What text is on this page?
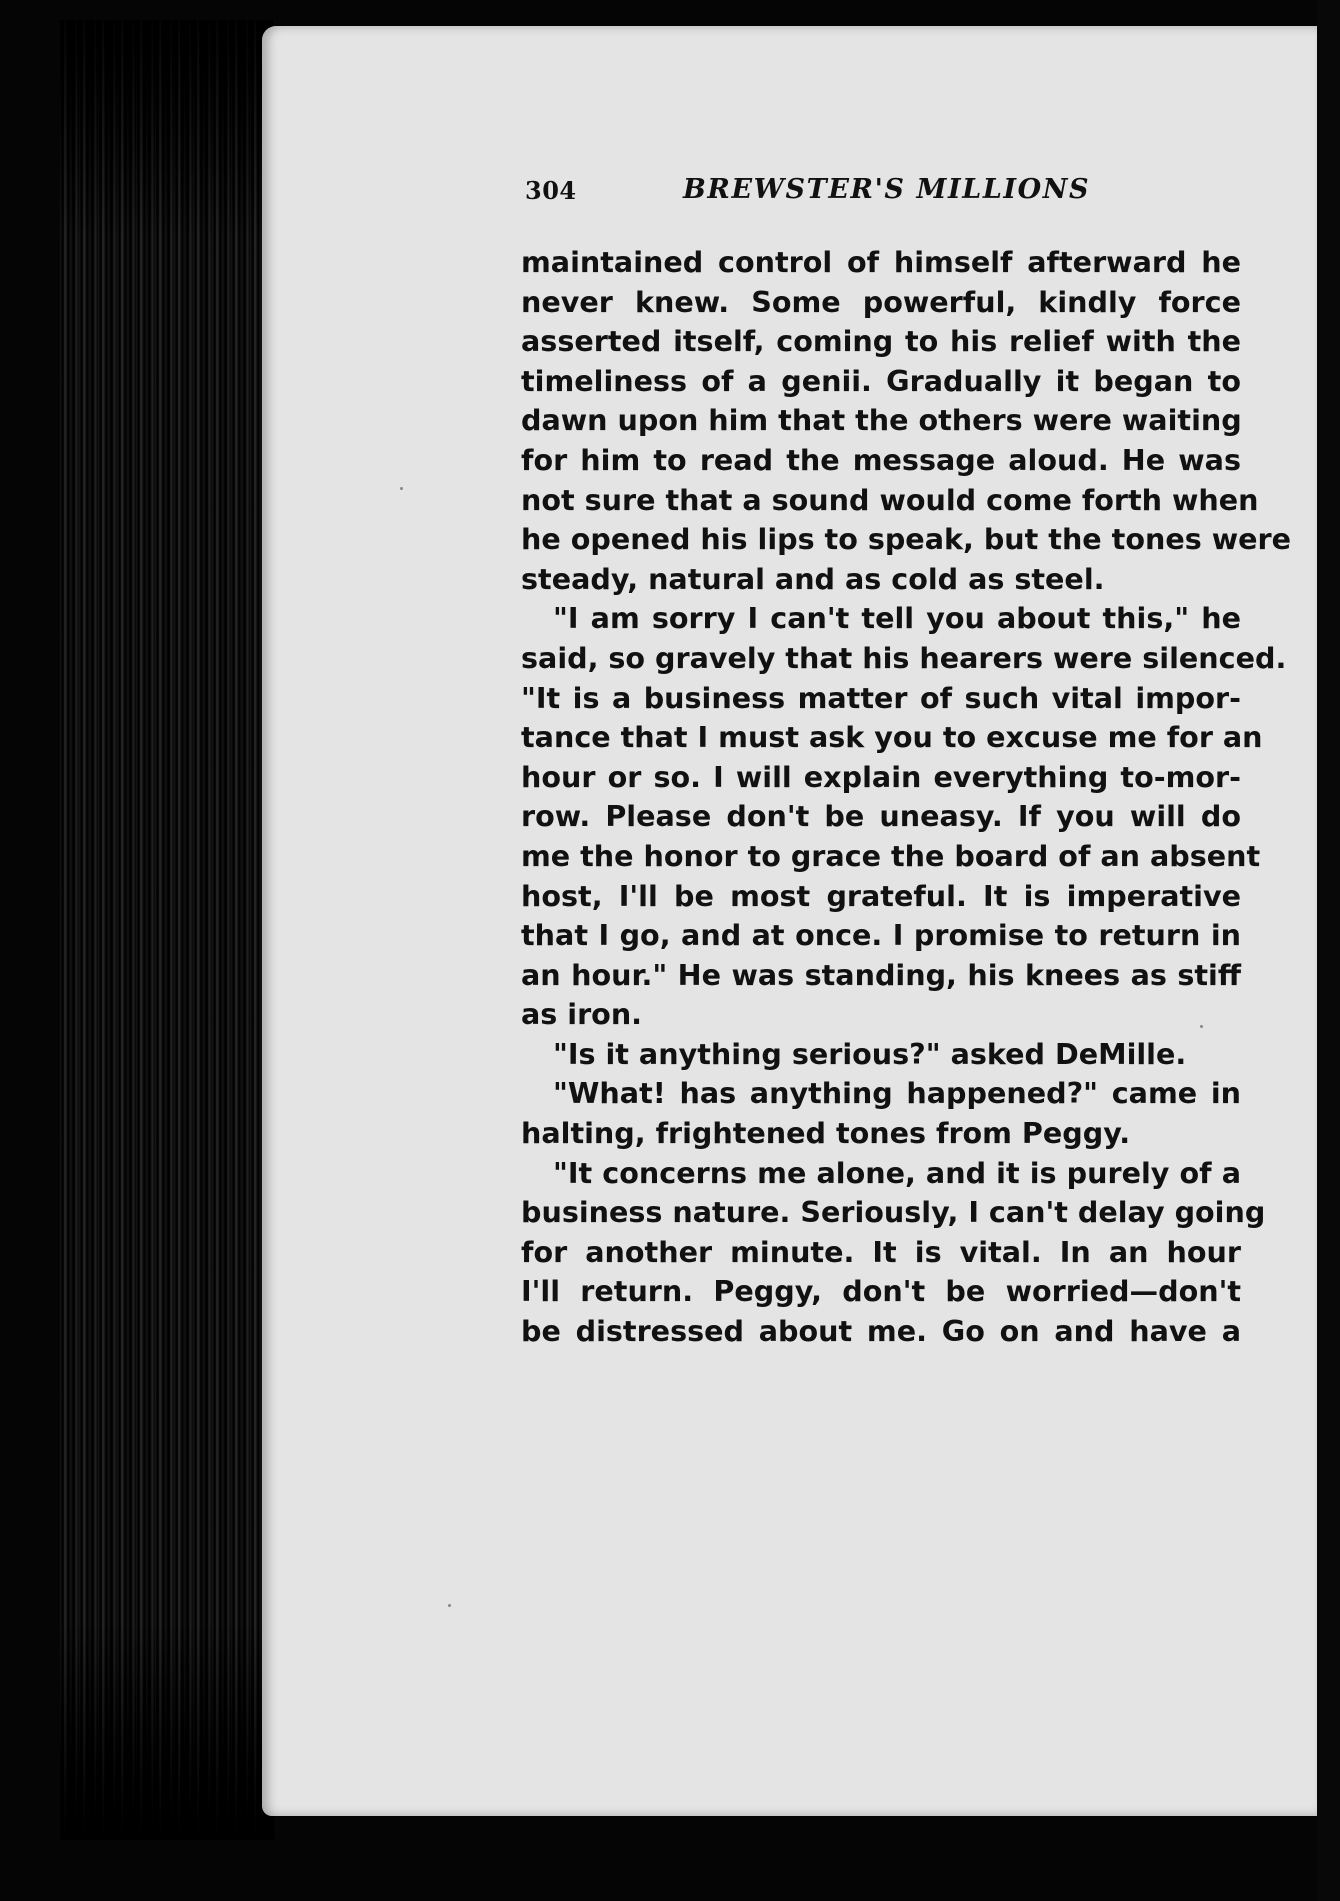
304	BREWSTER'S MILLIONS
maintained control of himself afterward he
never knew. Some powerful, kindly force
asserted itself, coming to his relief with the
timeliness of a genii. Gradually it began to
dawn upon him that the others were waiting
for him to read the message aloud. He was
not sure that a sound would come forth when
he opened his lips to speak, but the tones were
steady, natural and as cold as steel.
"I am sorry I can't tell you about this," he
said, so gravely that his hearers were silenced.
"It is a business matter of such vital impor-
tance that I must ask you to excuse me for an
hour or so. I will explain everything to-mor-
row. Please don't be uneasy. If you will do
me the honor to grace the board of an absent
host, I'll be most grateful. It is imperative
that I go, and at once. I promise to return in
an hour." He was standing, his knees as stiff
as iron.
"Is it anything serious?" asked DeMille.
"What! has anything happened?" came in
halting, frightened tones from Peggy.
"It concerns me alone, and it is purely of a
business nature. Seriously, I can't delay going
for another minute. It is vital. In an hour
I'll return. Peggy, don't be worried—don't
be distressed about me. Go on and have a
